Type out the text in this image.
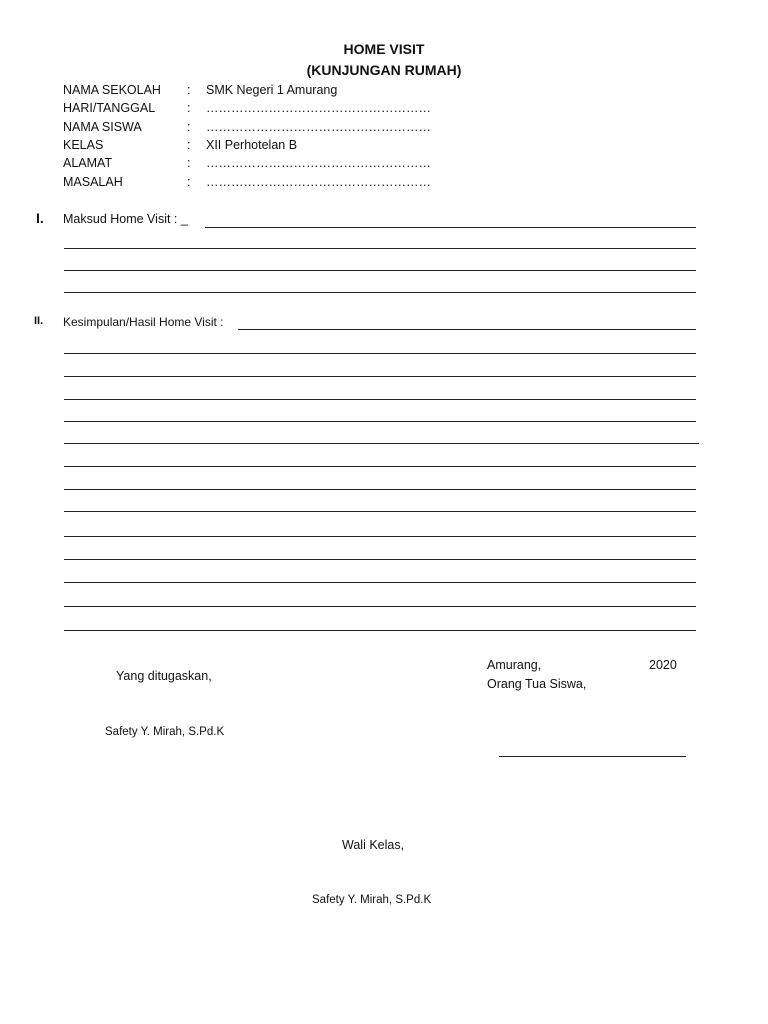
HOME VISIT
(KUNJUNGAN RUMAH)
NAMA SEKOLAH : SMK Negeri 1 Amurang
HARI/TANGGAL	: ………………………………………………
NAMA SISWA	: ………………………………………………
KELAS	: XII Perhotelan B
ALAMAT	: ………………………………………………
MASALAH	: ………………………………………………
I. Maksud Home Visit : _
II. Kesimpulan/Hasil Home Visit :
Yang ditugaskan,
Safety Y. Mirah, S.Pd.K
Amurang,	2020
Orang Tua Siswa,
Wali Kelas,
Safety Y. Mirah, S.Pd.K
